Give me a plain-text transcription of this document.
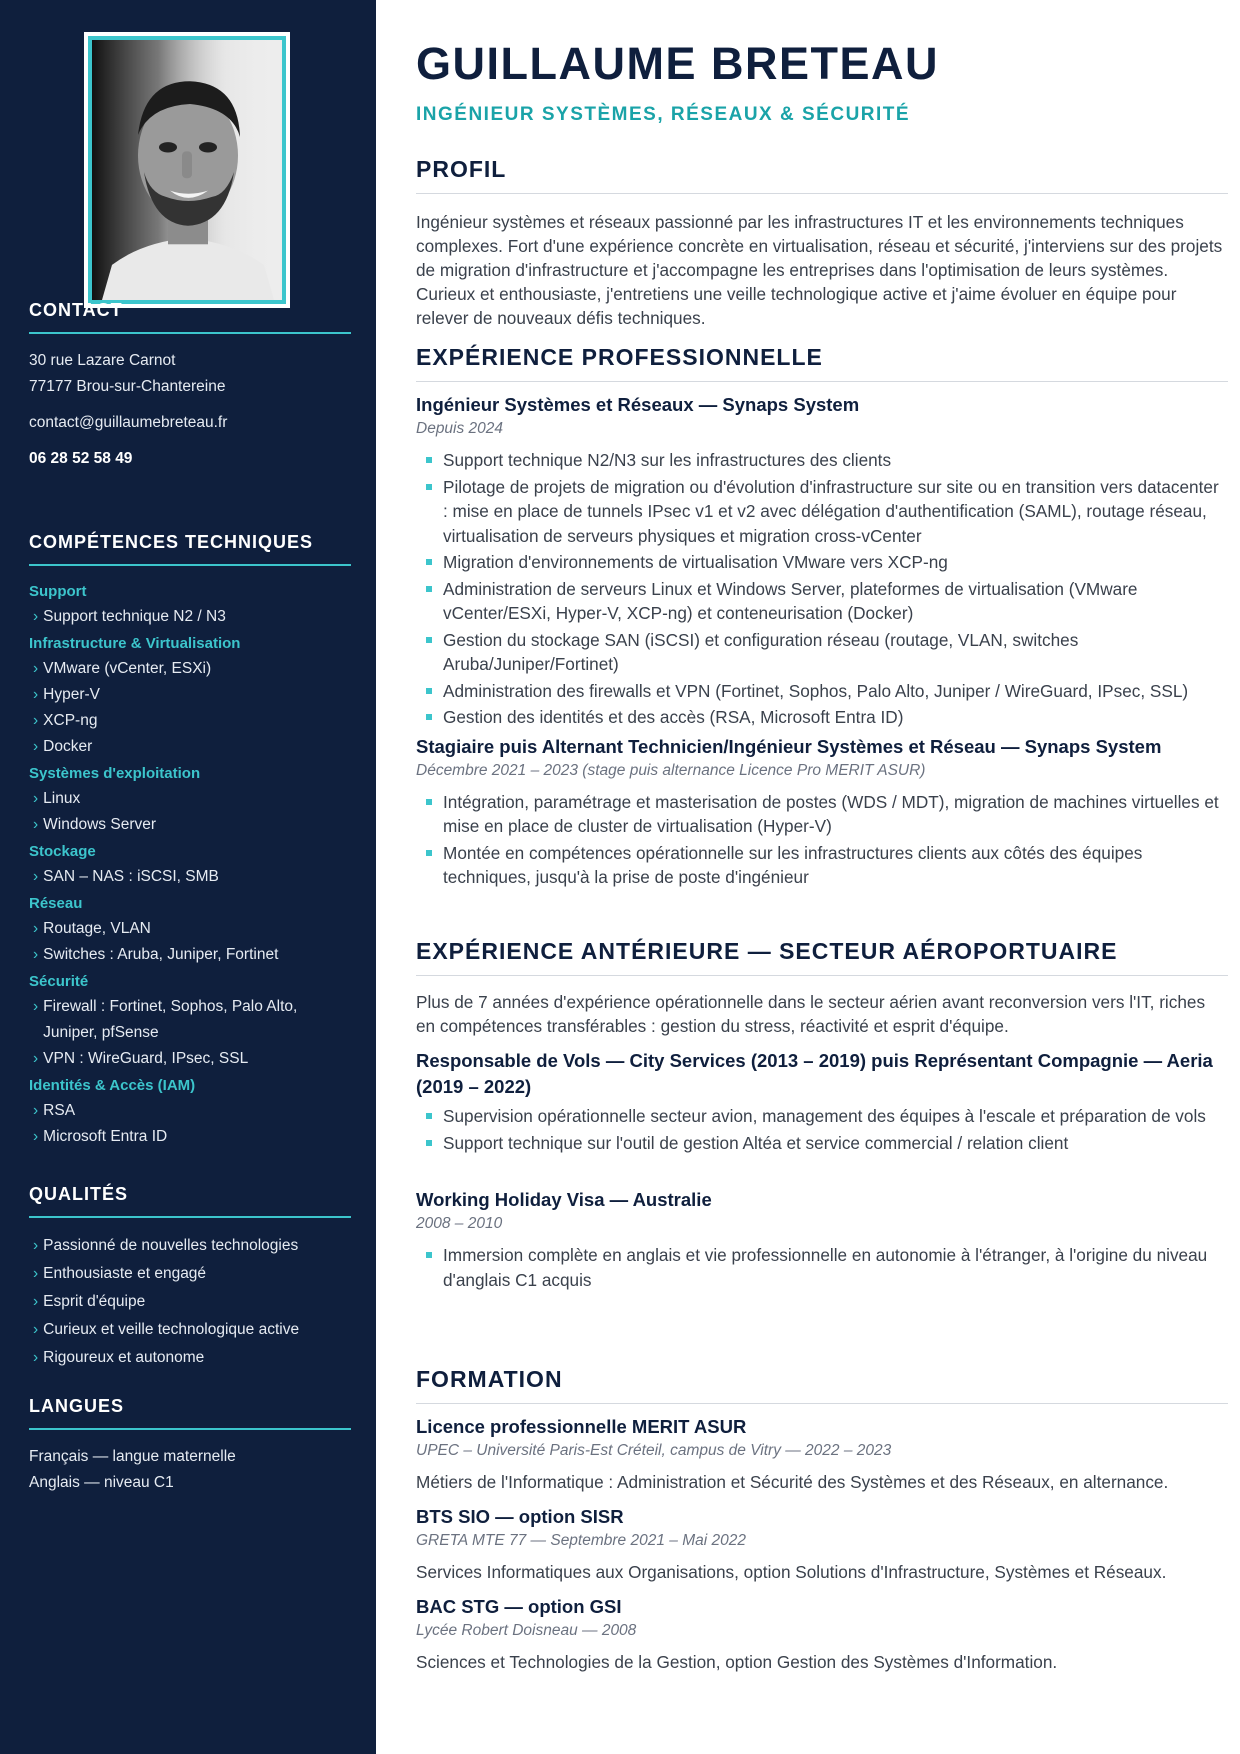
CONTACT
30 rue Lazare Carnot
77177 Brou-sur-Chantereine
contact@guillaumebreteau.fr
06 28 52 58 49
COMPÉTENCES TECHNIQUES
Support
› Support technique N2 / N3
Infrastructure & Virtualisation
› VMware (vCenter, ESXi)
› Hyper-V
› XCP-ng
› Docker
Systèmes d'exploitation
› Linux
› Windows Server
Stockage
› SAN – NAS : iSCSI, SMB
Réseau
› Routage, VLAN
› Switches : Aruba, Juniper, Fortinet
Sécurité
› Firewall : Fortinet, Sophos, Palo Alto, Juniper, pfSense
› VPN : WireGuard, IPsec, SSL
Identités & Accès (IAM)
› RSA
› Microsoft Entra ID
QUALITÉS
› Passionné de nouvelles technologies
› Enthousiaste et engagé
› Esprit d'équipe
› Curieux et veille technologique active
› Rigoureux et autonome
LANGUES
Français — langue maternelle
Anglais — niveau C1
GUILLAUME BRETEAU
INGÉNIEUR SYSTÈMES, RÉSEAUX & SÉCURITÉ
PROFIL
Ingénieur systèmes et réseaux passionné par les infrastructures IT et les environnements techniques complexes. Fort d'une expérience concrète en virtualisation, réseau et sécurité, j'interviens sur des projets de migration d'infrastructure et j'accompagne les entreprises dans l'optimisation de leurs systèmes. Curieux et enthousiaste, j'entretiens une veille technologique active et j'aime évoluer en équipe pour relever de nouveaux défis techniques.
EXPÉRIENCE PROFESSIONNELLE
Ingénieur Systèmes et Réseaux — Synaps System
Depuis 2024
Support technique N2/N3 sur les infrastructures des clients
Pilotage de projets de migration ou d'évolution d'infrastructure sur site ou en transition vers datacenter : mise en place de tunnels IPsec v1 et v2 avec délégation d'authentification (SAML), routage réseau, virtualisation de serveurs physiques et migration cross-vCenter
Migration d'environnements de virtualisation VMware vers XCP-ng
Administration de serveurs Linux et Windows Server, plateformes de virtualisation (VMware vCenter/ESXi, Hyper-V, XCP-ng) et conteneurisation (Docker)
Gestion du stockage SAN (iSCSI) et configuration réseau (routage, VLAN, switches Aruba/Juniper/Fortinet)
Administration des firewalls et VPN (Fortinet, Sophos, Palo Alto, Juniper / WireGuard, IPsec, SSL)
Gestion des identités et des accès (RSA, Microsoft Entra ID)
Stagiaire puis Alternant Technicien/Ingénieur Systèmes et Réseau — Synaps System
Décembre 2021 – 2023 (stage puis alternance Licence Pro MERIT ASUR)
Intégration, paramétrage et masterisation de postes (WDS / MDT), migration de machines virtuelles et mise en place de cluster de virtualisation (Hyper-V)
Montée en compétences opérationnelle sur les infrastructures clients aux côtés des équipes techniques, jusqu'à la prise de poste d'ingénieur
EXPÉRIENCE ANTÉRIEURE — SECTEUR AÉROPORTUAIRE
Plus de 7 années d'expérience opérationnelle dans le secteur aérien avant reconversion vers l'IT, riches en compétences transférables : gestion du stress, réactivité et esprit d'équipe.
Responsable de Vols — City Services (2013 – 2019) puis Représentant Compagnie — Aeria (2019 – 2022)
Supervision opérationnelle secteur avion, management des équipes à l'escale et préparation de vols
Support technique sur l'outil de gestion Altéa et service commercial / relation client
Working Holiday Visa — Australie
2008 – 2010
Immersion complète en anglais et vie professionnelle en autonomie à l'étranger, à l'origine du niveau d'anglais C1 acquis
FORMATION
Licence professionnelle MERIT ASUR
UPEC – Université Paris-Est Créteil, campus de Vitry — 2022 – 2023
Métiers de l'Informatique : Administration et Sécurité des Systèmes et des Réseaux, en alternance.
BTS SIO — option SISR
GRETA MTE 77 — Septembre 2021 – Mai 2022
Services Informatiques aux Organisations, option Solutions d'Infrastructure, Systèmes et Réseaux.
BAC STG — option GSI
Lycée Robert Doisneau — 2008
Sciences et Technologies de la Gestion, option Gestion des Systèmes d'Information.
